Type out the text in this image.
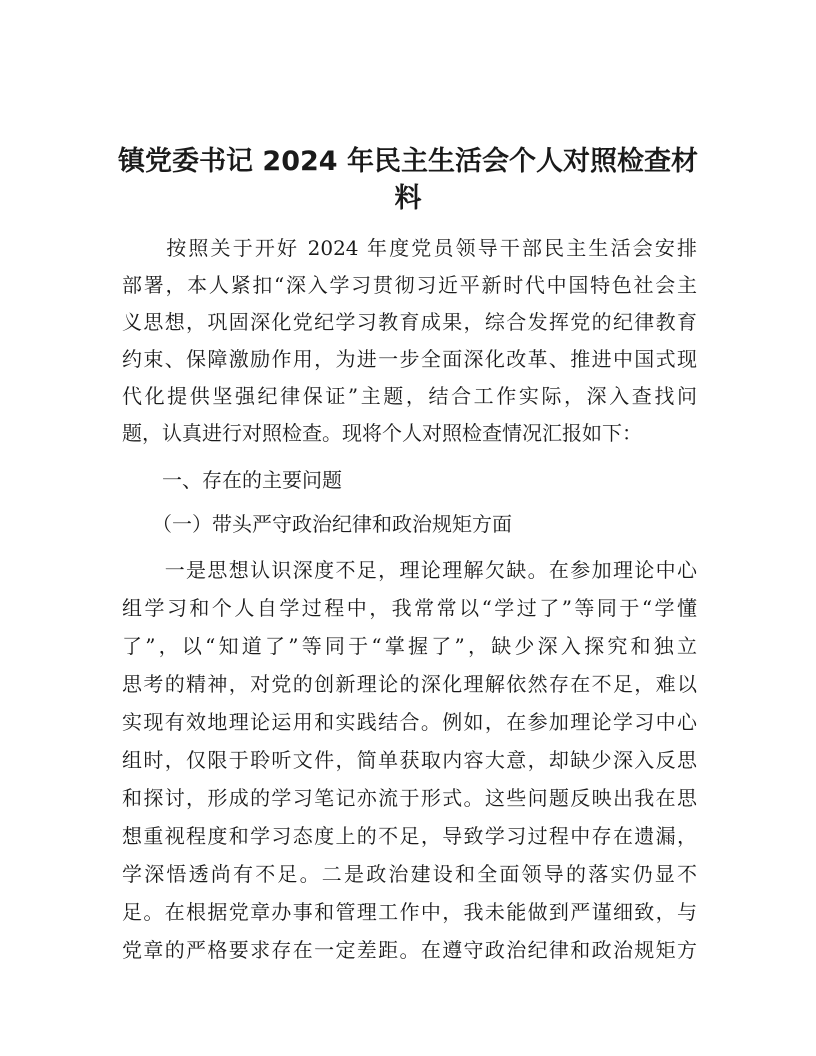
镇党委书记 2024 年民主生活会个人对照检查材
料
　　按照关于开好 2024 年度党员领导干部民主生活会安排
部署，本人紧扣“深入学习贯彻习近平新时代中国特色社会主
义思想，巩固深化党纪学习教育成果，综合发挥党的纪律教育
约束、保障激励作用，为进一步全面深化改革、推进中国式现
代化提供坚强纪律保证”主题，结合工作实际，深入查找问
题，认真进行对照检查。现将个人对照检查情况汇报如下：
　　一、存在的主要问题
　　（一）带头严守政治纪律和政治规矩方面
　　一是思想认识深度不足，理论理解欠缺。在参加理论中心
组学习和个人自学过程中，我常常以“学过了”等同于“学懂
了”，以“知道了”等同于“掌握了”，缺少深入探究和独立
思考的精神，对党的创新理论的深化理解依然存在不足，难以
实现有效地理论运用和实践结合。例如，在参加理论学习中心
组时，仅限于聆听文件，简单获取内容大意，却缺少深入反思
和探讨，形成的学习笔记亦流于形式。这些问题反映出我在思
想重视程度和学习态度上的不足，导致学习过程中存在遗漏，
学深悟透尚有不足。二是政治建设和全面领导的落实仍显不
足。在根据党章办事和管理工作中，我未能做到严谨细致，与
党章的严格要求存在一定差距。在遵守政治纪律和政治规矩方
